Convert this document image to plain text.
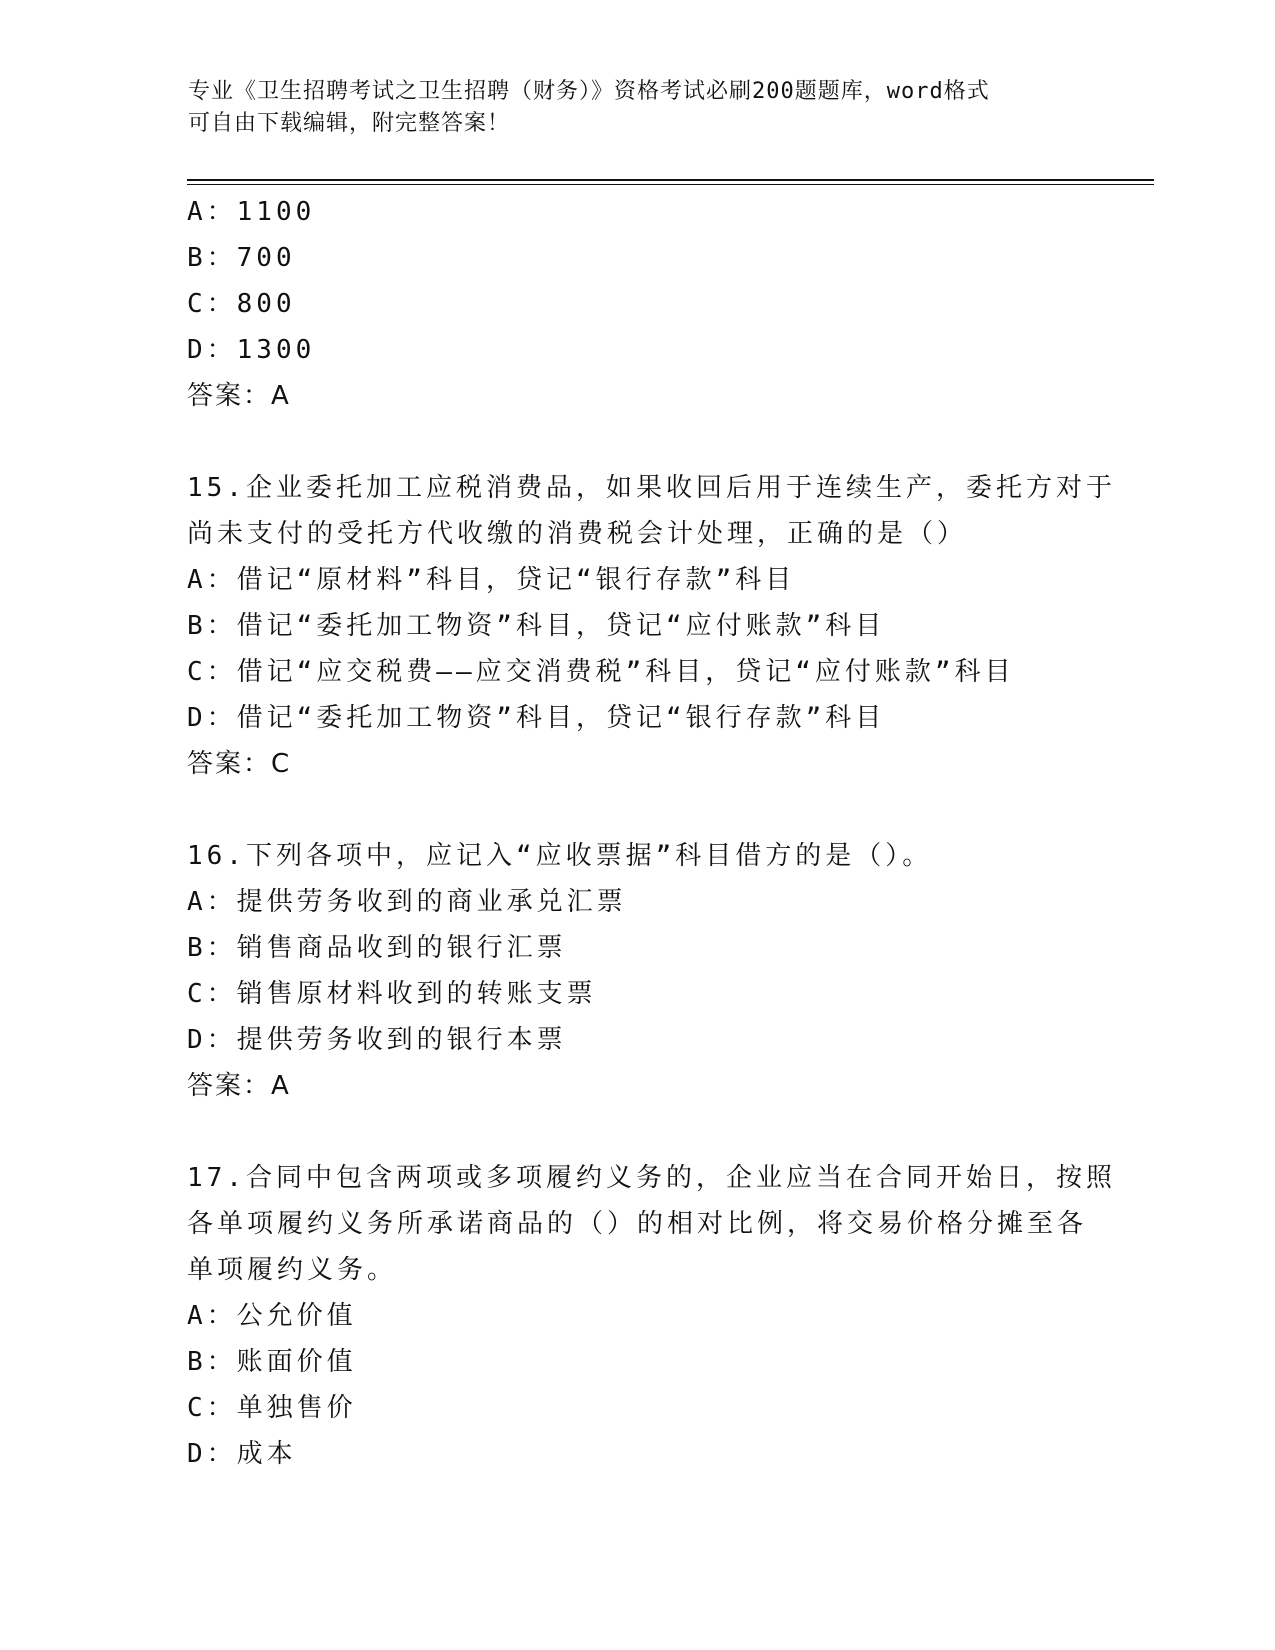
专业《卫生招聘考试之卫生招聘（财务）》资格考试必刷200题题库，word格式

可自由下载编辑，附完整答案！

A：1100

B：700

C：800

D：1300

答案：A

15.企业委托加工应税消费品，如果收回后用于连续生产，委托方对于

尚未支付的受托方代收缴的消费税会计处理，正确的是（）

A：借记“原材料”科目，贷记“银行存款”科目

B：借记“委托加工物资”科目，贷记“应付账款”科目

C：借记“应交税费——应交消费税”科目，贷记“应付账款”科目

D：借记“委托加工物资”科目，贷记“银行存款”科目

答案：C

16.下列各项中，应记入“应收票据”科目借方的是（）。

A：提供劳务收到的商业承兑汇票

B：销售商品收到的银行汇票

C：销售原材料收到的转账支票

D：提供劳务收到的银行本票

答案：A

17.合同中包含两项或多项履约义务的，企业应当在合同开始日，按照

各单项履约义务所承诺商品的（）的相对比例，将交易价格分摊至各

单项履约义务。

A：公允价值

B：账面价值

C：单独售价

D：成本
